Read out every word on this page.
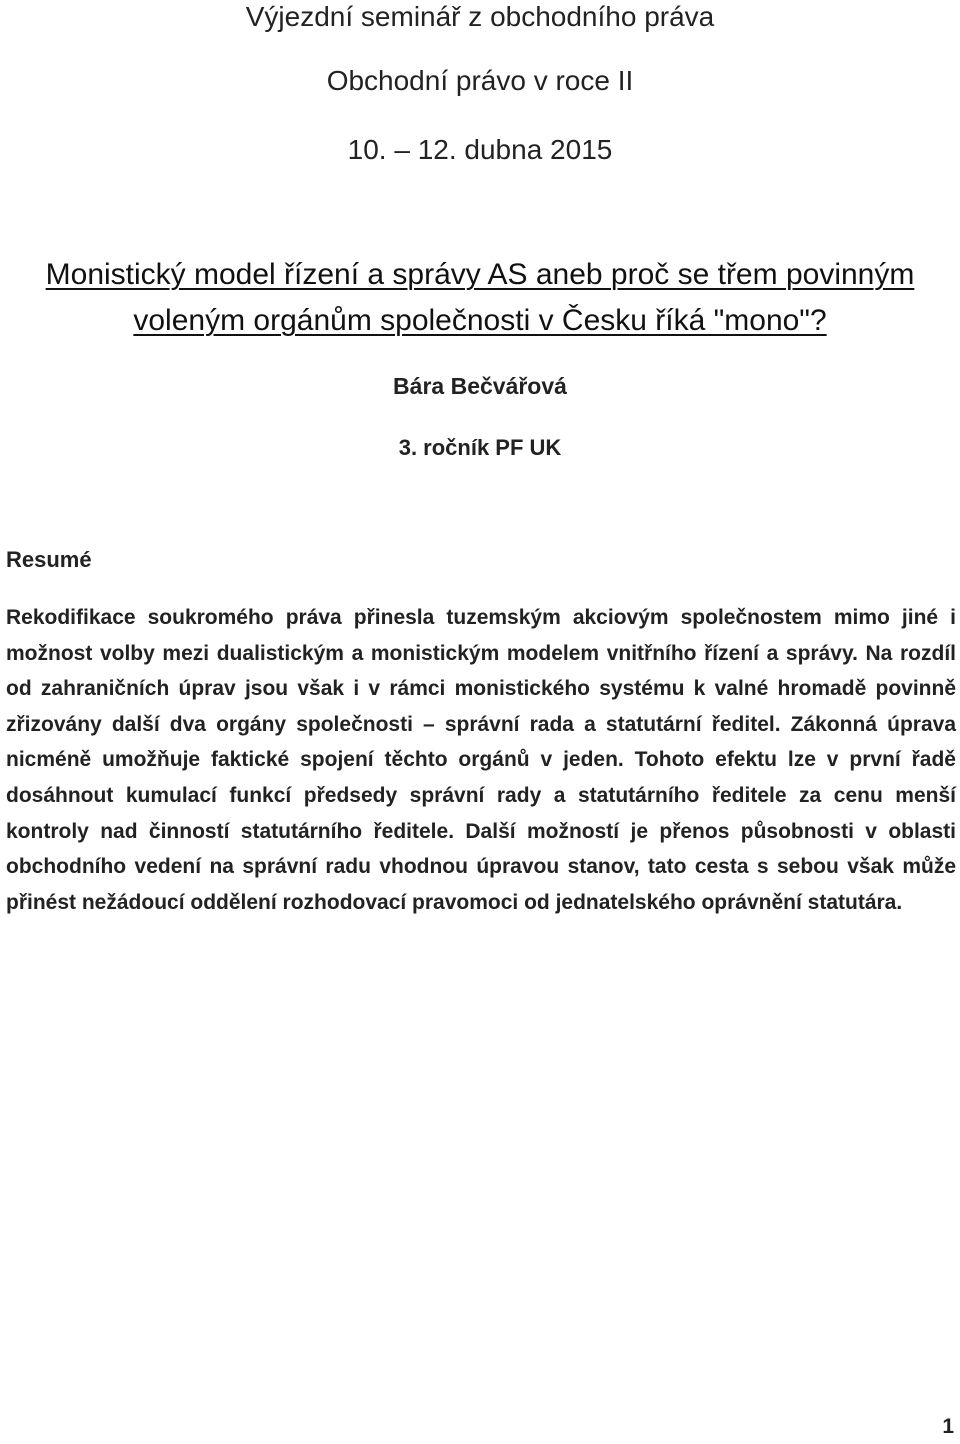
Výjezdní seminář z obchodního práva
Obchodní právo v roce II
10. – 12. dubna 2015
Monistický model řízení a správy AS aneb proč se třem povinným
voleným orgánům společnosti v Česku říká "mono"?
Bára Bečvářová
3. ročník PF UK
Resumé

Rekodifikace soukromého práva přinesla tuzemským akciovým společnostem mimo jiné i možnost volby mezi dualistickým a monistickým modelem vnitřního řízení a správy. Na rozdíl od zahraničních úprav jsou však i v rámci monistického systému k valné hromadě povinně zřizovány další dva orgány společnosti – správní rada a statutární ředitel. Zákonná úprava nicméně umožňuje faktické spojení těchto orgánů v jeden. Tohoto efektu lze v první řadě dosáhnout kumulací funkcí předsedy správní rady a statutárního ředitele za cenu menší kontroly nad činností statutárního ředitele. Další možností je přenos působnosti v oblasti obchodního vedení na správní radu vhodnou úpravou stanov, tato cesta s sebou však může přinést nežádoucí oddělení rozhodovací pravomoci od jednatelského oprávnění statutára.

1
